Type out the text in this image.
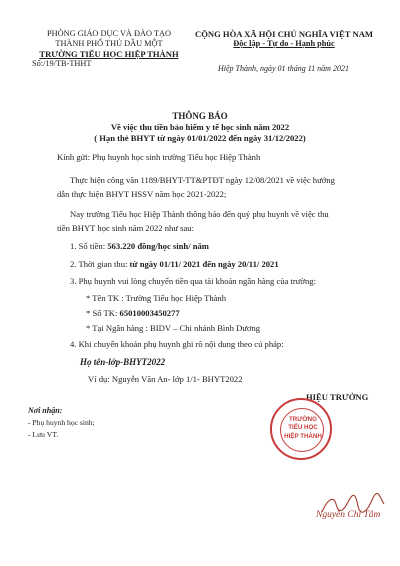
PHÒNG GIÁO DỤC VÀ ĐÀO TẠO
THÀNH PHỐ THỦ DẦU MỘT
TRƯỜNG TIỂU HỌC HIỆP THÀNH
Số:/19/TB-THHT
CỘNG HÒA XÃ HỘI CHỦ NGHĨA VIỆT NAM
Độc lập - Tự do - Hạnh phúc
Hiệp Thành, ngày 01 tháng 11 năm 2021
THÔNG BÁO
Về việc thu tiền bảo hiểm y tế học sinh năm 2022
( Hạn thẻ BHYT từ ngày 01/01/2022 đến ngày 31/12/2022)
Kính gửi: Phụ huynh học sinh trường Tiểu học Hiệp Thành
Thực hiện công văn 1189/BHYT-TT&PTĐT ngày 12/08/2021 về việc hướng
dẫn thực hiện BHYT HSSV năm học 2021-2022;
Nay trường Tiểu học Hiệp Thành thông báo đến quý phụ huynh về việc thu
tiền BHYT học sinh năm 2022 như sau:
1. Số tiền: 563.220 đồng/học sinh/ năm
2. Thời gian thu: từ ngày 01/11/ 2021 đến ngày 20/11/ 2021
3. Phụ huynh vui lòng chuyển tiền qua tài khoản ngân hàng của trường:
* Tên TK : Trường Tiểu học Hiệp Thành
* Số TK: 65010003450277
* Tại Ngân hàng : BIDV – Chi nhánh Bình Dương
4. Khi chuyển khoản phụ huynh ghi rõ nội dung theo cú pháp:
Họ tên-lớp-BHYT2022
Ví dụ: Nguyễn Văn An- lớp 1/1- BHYT2022
HIỆU TRƯỞNG
TRƯỜNG
TIỂU HỌC
HIỆP THÀNH
Nguyễn Chí Tâm
Nơi nhận:
- Phụ huynh học sinh;
- Lưu VT.
